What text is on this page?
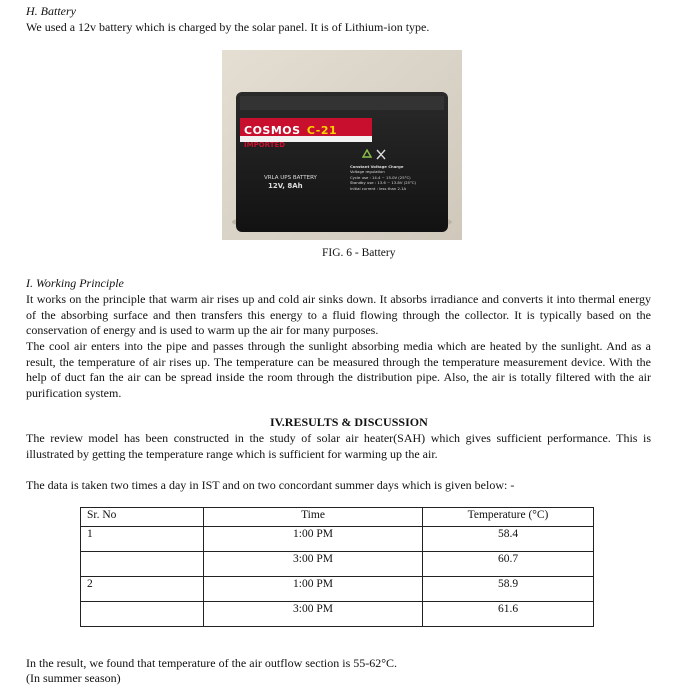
H. Battery
We used a 12v battery which is charged by the solar panel. It is of Lithium-ion type.
COSMOS C-21
IMPORTED
VRLA UPS BATTERY
12V, 8Ah
Constant Voltage Charge
Voltage regulation
Cycle use : 14.4 ~ 15.0V (25°C)
Standby use : 13.6 ~ 13.8V (25°C)
Initial current : less than 2.1A
FIG. 6 - Battery
I. Working Principle
It works on the principle that warm air rises up and cold air sinks down. It absorbs irradiance and converts it into thermal energy of the absorbing surface and then transfers this energy to a fluid flowing through the collector. It is typically based on the conservation of energy and is used to warm up the air for many purposes.
The cool air enters into the pipe and passes through the sunlight absorbing media which are heated by the sunlight. And as a result, the temperature of air rises up. The temperature can be measured through the temperature measurement device. With the help of duct fan the air can be spread inside the room through the distribution pipe. Also, the air is totally filtered with the air purification system.
IV.RESULTS & DISCUSSION
The review model has been constructed in the study of solar air heater(SAH) which gives sufficient performance. This is illustrated by getting the temperature range which is sufficient for warming up the air.
The data is taken two times a day in IST and on two concordant summer days which is given below: -
Sr. No	Time	Temperature (°C)
1	1:00 PM	58.4
	3:00 PM	60.7
2	1:00 PM	58.9
	3:00 PM	61.6
In the result, we found that temperature of the air outflow section is 55-62°C.
(In summer season)
